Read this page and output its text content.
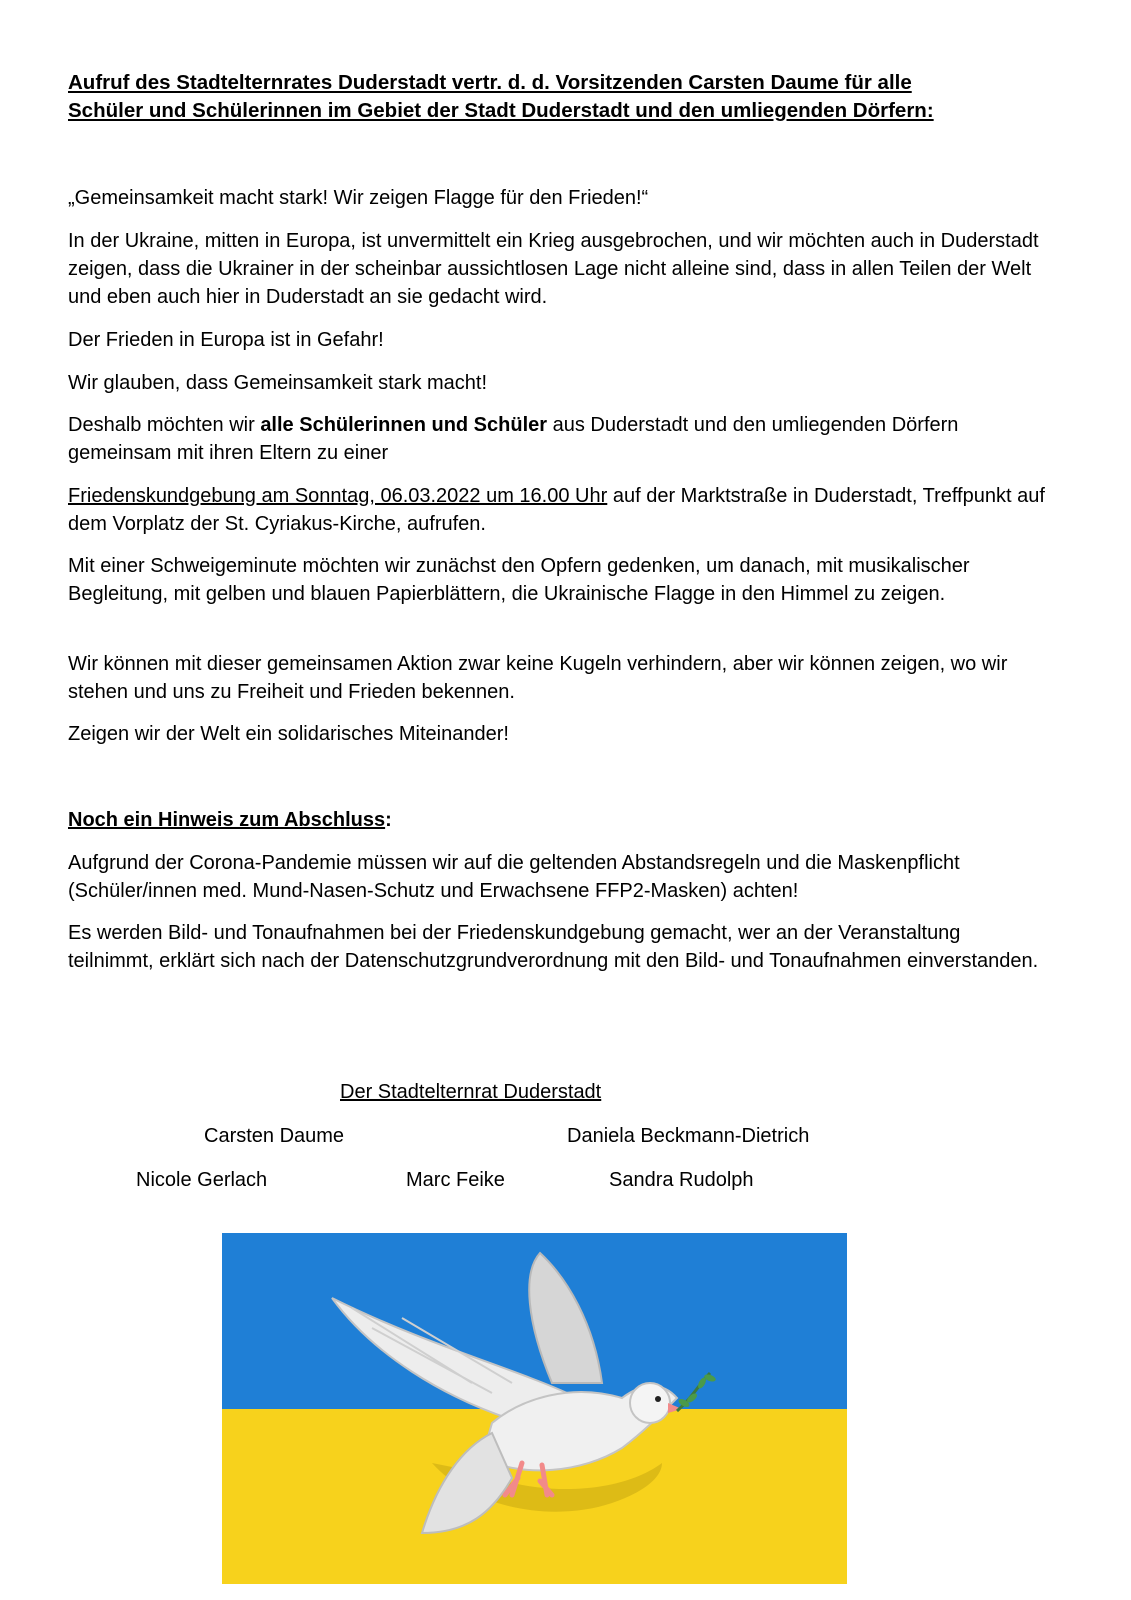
Aufruf des Stadtelternrates Duderstadt vertr. d. d. Vorsitzenden Carsten Daume für alle
Schüler und Schülerinnen im Gebiet der Stadt Duderstadt und den umliegenden Dörfern:
„Gemeinsamkeit macht stark! Wir zeigen Flagge für den Frieden!“
In der Ukraine, mitten in Europa, ist unvermittelt ein Krieg ausgebrochen, und wir möchten auch in Duderstadt zeigen, dass die Ukrainer in der scheinbar aussichtlosen Lage nicht alleine sind, dass in allen Teilen der Welt und eben auch hier in Duderstadt an sie gedacht wird.
Der Frieden in Europa ist in Gefahr!
Wir glauben, dass Gemeinsamkeit stark macht!
Deshalb möchten wir alle Schülerinnen und Schüler aus Duderstadt und den umliegenden Dörfern gemeinsam mit ihren Eltern zu einer
Friedenskundgebung am Sonntag, 06.03.2022 um 16.00 Uhr auf der Marktstraße in Duderstadt, Treffpunkt auf dem Vorplatz der St. Cyriakus-Kirche, aufrufen.
Mit einer Schweigeminute möchten wir zunächst den Opfern gedenken, um danach, mit musikalischer Begleitung, mit gelben und blauen Papierblättern, die Ukrainische Flagge in den Himmel zu zeigen.
Wir können mit dieser gemeinsamen Aktion zwar keine Kugeln verhindern, aber wir können zeigen, wo wir stehen und uns zu Freiheit und Frieden bekennen.
Zeigen wir der Welt ein solidarisches Miteinander!
Noch ein Hinweis zum Abschluss:
Aufgrund der Corona-Pandemie müssen wir auf die geltenden Abstandsregeln und die Maskenpflicht (Schüler/innen med. Mund-Nasen-Schutz und Erwachsene FFP2-Masken) achten!
Es werden Bild- und Tonaufnahmen bei der Friedenskundgebung gemacht, wer an der Veranstaltung teilnimmt, erklärt sich nach der Datenschutzgrundverordnung mit den Bild- und Tonaufnahmen einverstanden.
Der Stadtelternrat Duderstadt
Carsten Daume	Daniela Beckmann-Dietrich
Nicole Gerlach	Marc Feike	Sandra Rudolph
